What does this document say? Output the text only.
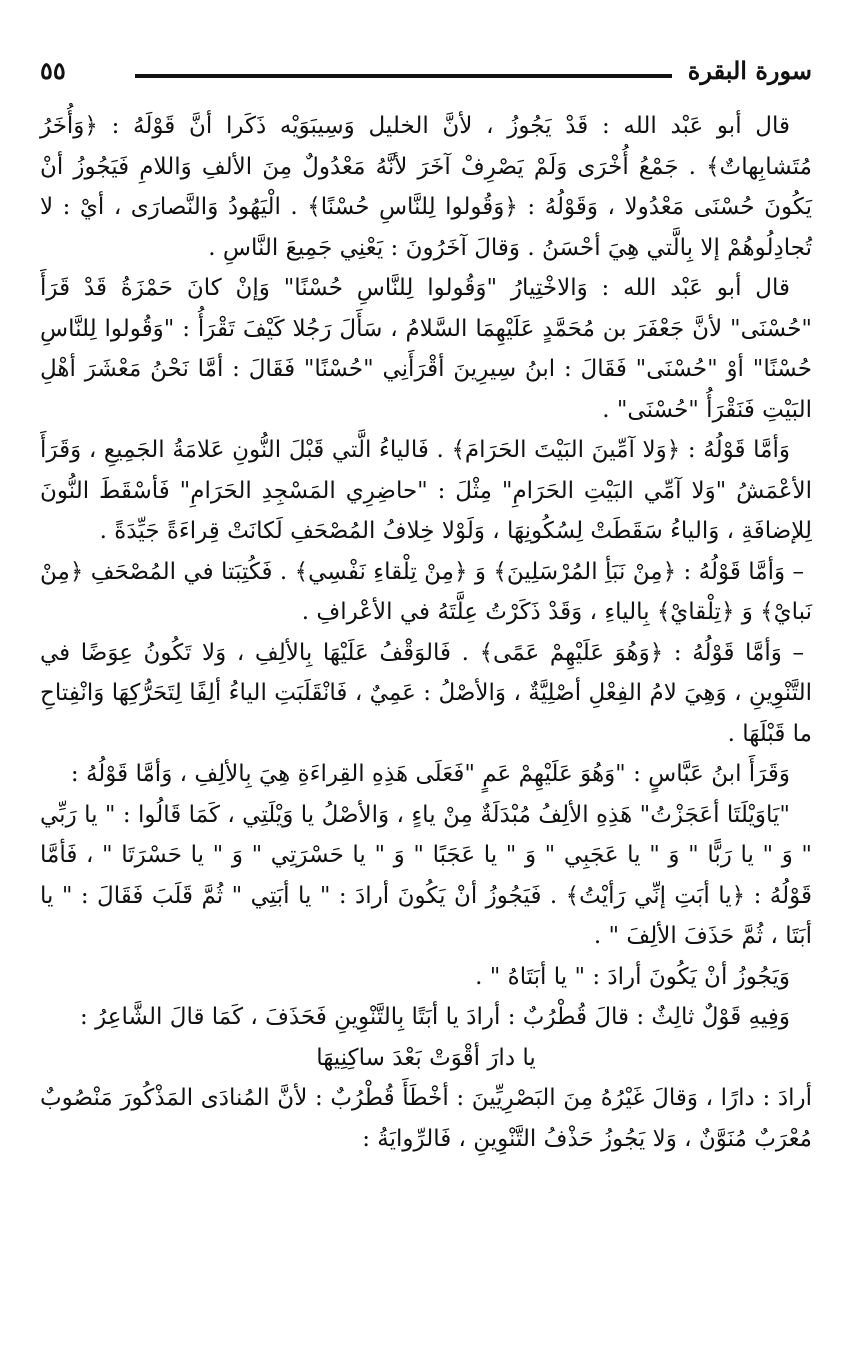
سورة البقرة
٥٥

قال أبو عَبْد الله : قَدْ يَجُوزُ ، لأنَّ الخليل وَسِيبَوَيْه ذَكَرا أنَّ قَوْلَهُ : ﴿وَأُخَرُ مُتَشابِهاتٌ﴾ . جَمْعُ أُخْرَى وَلَمْ يَصْرِفْ آخَرَ لأنَّهُ مَعْدُولٌ مِنَ الألفِ وَاللامِ فَيَجُوزُ أنْ يَكُونَ حُسْنَى مَعْدُولا ، وَقَوْلُهُ : ﴿وَقُولوا لِلنَّاسِ حُسْنًا﴾ . الْيَهُودُ وَالنَّصارَى ، أيْ : لا تُجادِلُوهُمْ إلا بِالَّتي هِيَ أحْسَنُ . وَقالَ آخَرُونَ : يَعْنِي جَمِيعَ النَّاسِ .

قال أبو عَبْد الله : وَالاخْتِيارُ "وَقُولوا لِلنَّاسِ حُسْنًا" وَإنْ كانَ حَمْزَةُ قَدْ قَرَأَ "حُسْنَى" لأنَّ جَعْفَرَ بن مُحَمَّدٍ عَلَيْهِمَا السَّلامُ ، سَأَلَ رَجُلا كَيْفَ تَقْرَأُ : "وَقُولوا لِلنَّاسِ حُسْنًا" أوْ "حُسْنَى" فَقَالَ : ابنُ سِيرِينَ أقْرَأَنِي "حُسْنًا" فَقَالَ : أمَّا نَحْنُ مَعْشَرَ أهْلِ البَيْتِ فَنَقْرَأُ "حُسْنَى" .

وَأمَّا قَوْلُهُ : ﴿وَلا آمِّينَ البَيْتَ الحَرَامَ﴾ . فَالياءُ الَّتي قَبْلَ النُّونِ عَلامَةُ الجَمِيعِ ، وَقَرَأَ الأعْمَشُ "وَلا آمِّي البَيْتِ الحَرَامِ" مِثْلَ : "حاضِرِي المَسْجِدِ الحَرَامِ" فَأسْقَطَ النُّونَ لِلإضافَةِ ، وَالياءُ سَقَطَتْ لِسُكُونِهَا ، وَلَوْلا خِلافُ المُصْحَفِ لَكانَتْ قِراءَةً جَيِّدَةً .

– وَأمَّا قَوْلُهُ : ﴿مِنْ نَبَأِ المُرْسَلِينَ﴾ وَ ﴿مِنْ تِلْقاءِ نَفْسِي﴾ . فَكُتِبَتا في المُصْحَفِ ﴿مِنْ نَبايْ﴾ وَ ﴿تِلْقايْ﴾ بِالياءِ ، وَقَدْ ذَكَرْتُ عِلَّتَهُ في الأعْرافِ .

– وَأمَّا قَوْلُهُ : ﴿وَهُوَ عَلَيْهِمْ عَمًى﴾ . فَالوَقْفُ عَلَيْهَا بِالألِفِ ، وَلا تَكُونُ عِوَضًا في التَّنْوِينِ ، وَهِيَ لامُ الفِعْلِ أصْلِيَّةٌ ، وَالأصْلُ : عَمِيٌ ، فَانْقَلَبَتِ الياءُ ألِفًا لِتَحَرُّكِهَا وَانْفِتاحِ ما قَبْلَهَا .

وَقَرَأَ ابنُ عَبَّاسٍ : "وَهُوَ عَلَيْهِمْ عَمٍ "فَعَلَى هَذِهِ القِراءَةِ هِيَ بِالألِفِ ، وَأمَّا قَوْلُهُ :

"يَاوَيْلَتَا أعَجَزْتُ" هَذِهِ الألِفُ مُبْدَلَةٌ مِنْ ياءٍ ، وَالأصْلُ يا وَيْلَتِي ، كَمَا قَالُوا : " يا رَبِّي " وَ " يا رَبًّا " وَ " يا عَجَبِي " وَ " يا عَجَبًا " وَ " يا حَسْرَتِي " وَ " يا حَسْرَتَا " ، فَأمَّا قَوْلُهُ : ﴿يا أبَتِ إنِّي رَأيْتُ﴾ . فَيَجُوزُ أنْ يَكُونَ أرادَ : " يا أبَتِي " ثُمَّ قَلَبَ فَقَالَ : " يا أبَتَا ، ثُمَّ حَذَفَ الألِفَ " .

وَيَجُوزُ أنْ يَكُونَ أرادَ : " يا أبَتَاهُ " .

وَفِيهِ قَوْلٌ ثالِثٌ : قالَ قُطْرُبٌ : أرادَ يا أبَتًا بِالتَّنْوِينِ فَحَذَفَ ، كَمَا قالَ الشَّاعِرُ :

يا دارَ أقْوَتْ بَعْدَ ساكِنِيهَا

أرادَ : دارًا ، وَقالَ غَيْرُهُ مِنَ البَصْرِيِّينَ : أخْطَأَ قُطْرُبٌ : لأنَّ المُنادَى المَذْكُورَ مَنْصُوبٌ مُعْرَبٌ مُنَوَّنٌ ، وَلا يَجُوزُ حَذْفُ التَّنْوِينِ ، فَالرِّوايَةُ :
